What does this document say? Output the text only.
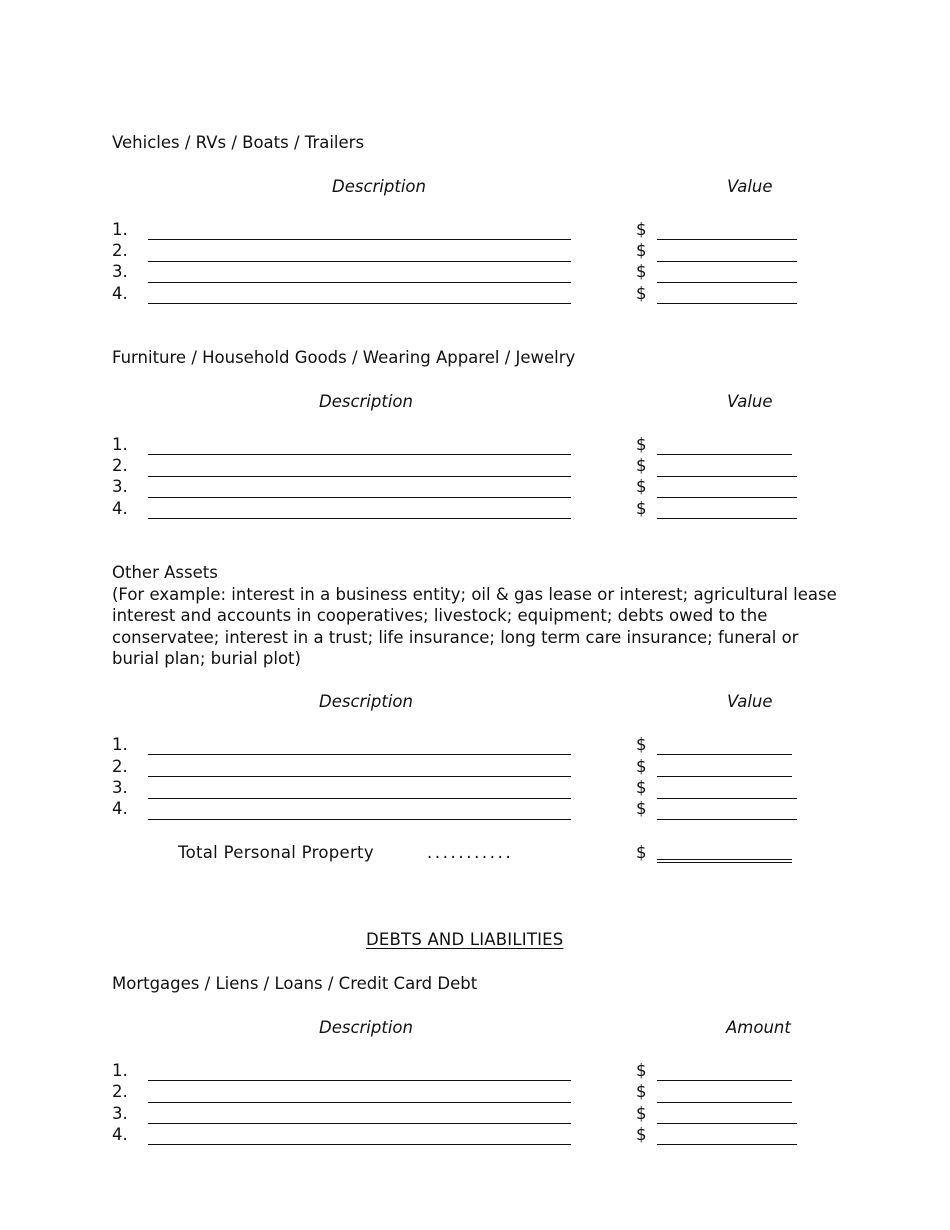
Vehicles / RVs / Boats / Trailers
Description	Value
1.	$
2.	$
3.	$
4.	$
Furniture / Household Goods / Wearing Apparel / Jewelry
Description	Value
1.	$
2.	$
3.	$
4.	$
Other Assets
(For example: interest in a business entity; oil & gas lease or interest; agricultural lease interest and accounts in cooperatives; livestock; equipment; debts owed to the conservatee; interest in a trust; life insurance; long term care insurance; funeral or burial plan; burial plot)
Description	Value
1.	$
2.	$
3.	$
4.	$
Total Personal Property	...........	$
DEBTS AND LIABILITIES
Mortgages / Liens / Loans / Credit Card Debt
Description	Amount
1.	$
2.	$
3.	$
4.	$
